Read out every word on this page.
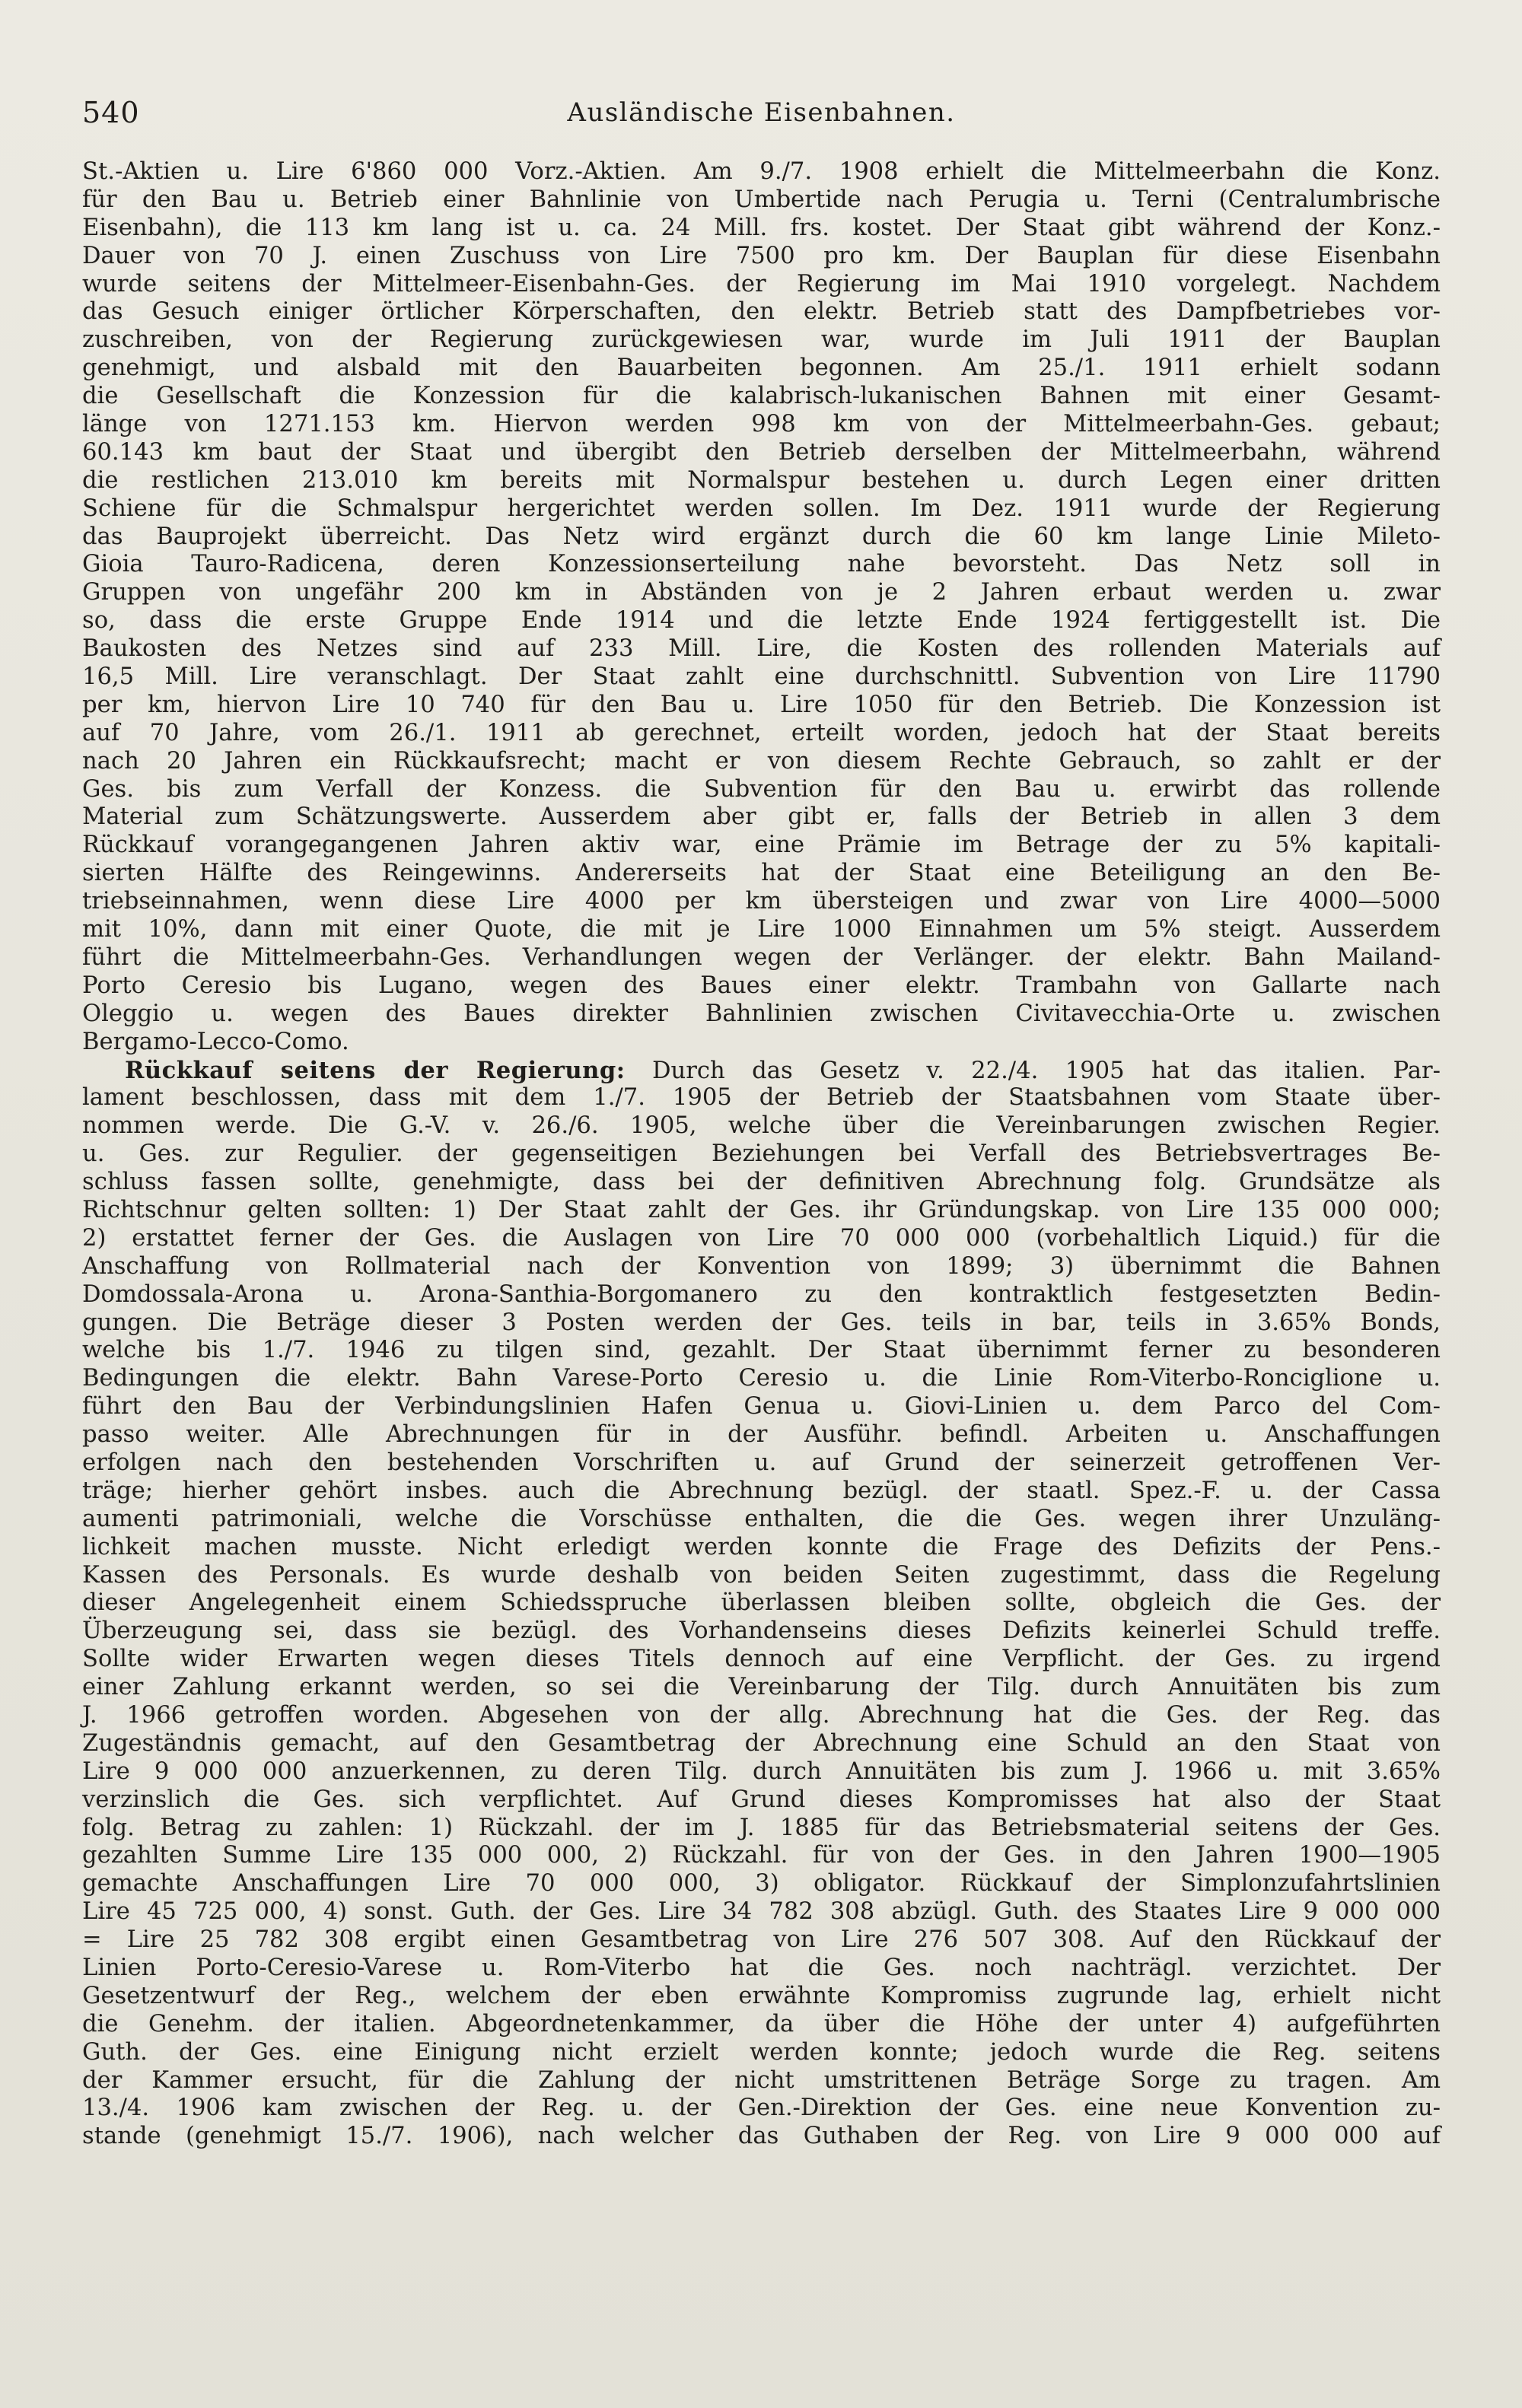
540	Ausländische Eisenbahnen.
St.-Aktien u. Lire 6'860 000 Vorz.-Aktien. Am 9./7. 1908 erhielt die Mittelmeerbahn die Konz.
für den Bau u. Betrieb einer Bahnlinie von Umbertide nach Perugia u. Terni (Centralumbrische
Eisenbahn), die 113 km lang ist u. ca. 24 Mill. frs. kostet. Der Staat gibt während der Konz.-
Dauer von 70 J. einen Zuschuss von Lire 7500 pro km. Der Bauplan für diese Eisenbahn
wurde seitens der Mittelmeer-Eisenbahn-Ges. der Regierung im Mai 1910 vorgelegt. Nachdem
das Gesuch einiger örtlicher Körperschaften, den elektr. Betrieb statt des Dampfbetriebes vor-
zuschreiben, von der Regierung zurückgewiesen war, wurde im Juli 1911 der Bauplan
genehmigt, und alsbald mit den Bauarbeiten begonnen. Am 25./1. 1911 erhielt sodann
die Gesellschaft die Konzession für die kalabrisch-lukanischen Bahnen mit einer Gesamt-
länge von 1271.153 km. Hiervon werden 998 km von der Mittelmeerbahn-Ges. gebaut;
60.143 km baut der Staat und übergibt den Betrieb derselben der Mittelmeerbahn, während
die restlichen 213.010 km bereits mit Normalspur bestehen u. durch Legen einer dritten
Schiene für die Schmalspur hergerichtet werden sollen. Im Dez. 1911 wurde der Regierung
das Bauprojekt überreicht. Das Netz wird ergänzt durch die 60 km lange Linie Mileto-
Gioia Tauro-Radicena, deren Konzessionserteilung nahe bevorsteht. Das Netz soll in
Gruppen von ungefähr 200 km in Abständen von je 2 Jahren erbaut werden u. zwar
so, dass die erste Gruppe Ende 1914 und die letzte Ende 1924 fertiggestellt ist. Die
Baukosten des Netzes sind auf 233 Mill. Lire, die Kosten des rollenden Materials auf
16,5 Mill. Lire veranschlagt. Der Staat zahlt eine durchschnittl. Subvention von Lire 11790
per km, hiervon Lire 10 740 für den Bau u. Lire 1050 für den Betrieb. Die Konzession ist
auf 70 Jahre, vom 26./1. 1911 ab gerechnet, erteilt worden, jedoch hat der Staat bereits
nach 20 Jahren ein Rückkaufsrecht; macht er von diesem Rechte Gebrauch, so zahlt er der
Ges. bis zum Verfall der Konzess. die Subvention für den Bau u. erwirbt das rollende
Material zum Schätzungswerte. Ausserdem aber gibt er, falls der Betrieb in allen 3 dem
Rückkauf vorangegangenen Jahren aktiv war, eine Prämie im Betrage der zu 5% kapitali-
sierten Hälfte des Reingewinns. Andererseits hat der Staat eine Beteiligung an den Be-
triebseinnahmen, wenn diese Lire 4000 per km übersteigen und zwar von Lire 4000—5000
mit 10%, dann mit einer Quote, die mit je Lire 1000 Einnahmen um 5% steigt. Ausserdem
führt die Mittelmeerbahn-Ges. Verhandlungen wegen der Verlänger. der elektr. Bahn Mailand-
Porto Ceresio bis Lugano, wegen des Baues einer elektr. Trambahn von Gallarte nach
Oleggio u. wegen des Baues direkter Bahnlinien zwischen Civitavecchia-Orte u. zwischen
Bergamo-Lecco-Como.
Rückkauf seitens der Regierung: Durch das Gesetz v. 22./4. 1905 hat das italien. Par-
lament beschlossen, dass mit dem 1./7. 1905 der Betrieb der Staatsbahnen vom Staate über-
nommen werde. Die G.-V. v. 26./6. 1905, welche über die Vereinbarungen zwischen Regier.
u. Ges. zur Regulier. der gegenseitigen Beziehungen bei Verfall des Betriebsvertrages Be-
schluss fassen sollte, genehmigte, dass bei der definitiven Abrechnung folg. Grundsätze als
Richtschnur gelten sollten: 1) Der Staat zahlt der Ges. ihr Gründungskap. von Lire 135 000 000;
2) erstattet ferner der Ges. die Auslagen von Lire 70 000 000 (vorbehaltlich Liquid.) für die
Anschaffung von Rollmaterial nach der Konvention von 1899; 3) übernimmt die Bahnen
Domdossala-Arona u. Arona-Santhia-Borgomanero zu den kontraktlich festgesetzten Bedin-
gungen. Die Beträge dieser 3 Posten werden der Ges. teils in bar, teils in 3.65% Bonds,
welche bis 1./7. 1946 zu tilgen sind, gezahlt. Der Staat übernimmt ferner zu besonderen
Bedingungen die elektr. Bahn Varese-Porto Ceresio u. die Linie Rom-Viterbo-Ronciglione u.
führt den Bau der Verbindungslinien Hafen Genua u. Giovi-Linien u. dem Parco del Com-
passo weiter. Alle Abrechnungen für in der Ausführ. befindl. Arbeiten u. Anschaffungen
erfolgen nach den bestehenden Vorschriften u. auf Grund der seinerzeit getroffenen Ver-
träge; hierher gehört insbes. auch die Abrechnung bezügl. der staatl. Spez.-F. u. der Cassa
aumenti patrimoniali, welche die Vorschüsse enthalten, die die Ges. wegen ihrer Unzuläng-
lichkeit machen musste. Nicht erledigt werden konnte die Frage des Defizits der Pens.-
Kassen des Personals. Es wurde deshalb von beiden Seiten zugestimmt, dass die Regelung
dieser Angelegenheit einem Schiedsspruche überlassen bleiben sollte, obgleich die Ges. der
Überzeugung sei, dass sie bezügl. des Vorhandenseins dieses Defizits keinerlei Schuld treffe.
Sollte wider Erwarten wegen dieses Titels dennoch auf eine Verpflicht. der Ges. zu irgend
einer Zahlung erkannt werden, so sei die Vereinbarung der Tilg. durch Annuitäten bis zum
J. 1966 getroffen worden. Abgesehen von der allg. Abrechnung hat die Ges. der Reg. das
Zugeständnis gemacht, auf den Gesamtbetrag der Abrechnung eine Schuld an den Staat von
Lire 9 000 000 anzuerkennen, zu deren Tilg. durch Annuitäten bis zum J. 1966 u. mit 3.65%
verzinslich die Ges. sich verpflichtet. Auf Grund dieses Kompromisses hat also der Staat
folg. Betrag zu zahlen: 1) Rückzahl. der im J. 1885 für das Betriebsmaterial seitens der Ges.
gezahlten Summe Lire 135 000 000, 2) Rückzahl. für von der Ges. in den Jahren 1900—1905
gemachte Anschaffungen Lire 70 000 000, 3) obligator. Rückkauf der Simplonzufahrtslinien
Lire 45 725 000, 4) sonst. Guth. der Ges. Lire 34 782 308 abzügl. Guth. des Staates Lire 9 000 000
= Lire 25 782 308 ergibt einen Gesamtbetrag von Lire 276 507 308. Auf den Rückkauf der
Linien Porto-Ceresio-Varese u. Rom-Viterbo hat die Ges. noch nachträgl. verzichtet. Der
Gesetzentwurf der Reg., welchem der eben erwähnte Kompromiss zugrunde lag, erhielt nicht
die Genehm. der italien. Abgeordnetenkammer, da über die Höhe der unter 4) aufgeführten
Guth. der Ges. eine Einigung nicht erzielt werden konnte; jedoch wurde die Reg. seitens
der Kammer ersucht, für die Zahlung der nicht umstrittenen Beträge Sorge zu tragen. Am
13./4. 1906 kam zwischen der Reg. u. der Gen.-Direktion der Ges. eine neue Konvention zu-
stande (genehmigt 15./7. 1906), nach welcher das Guthaben der Reg. von Lire 9 000 000 auf
